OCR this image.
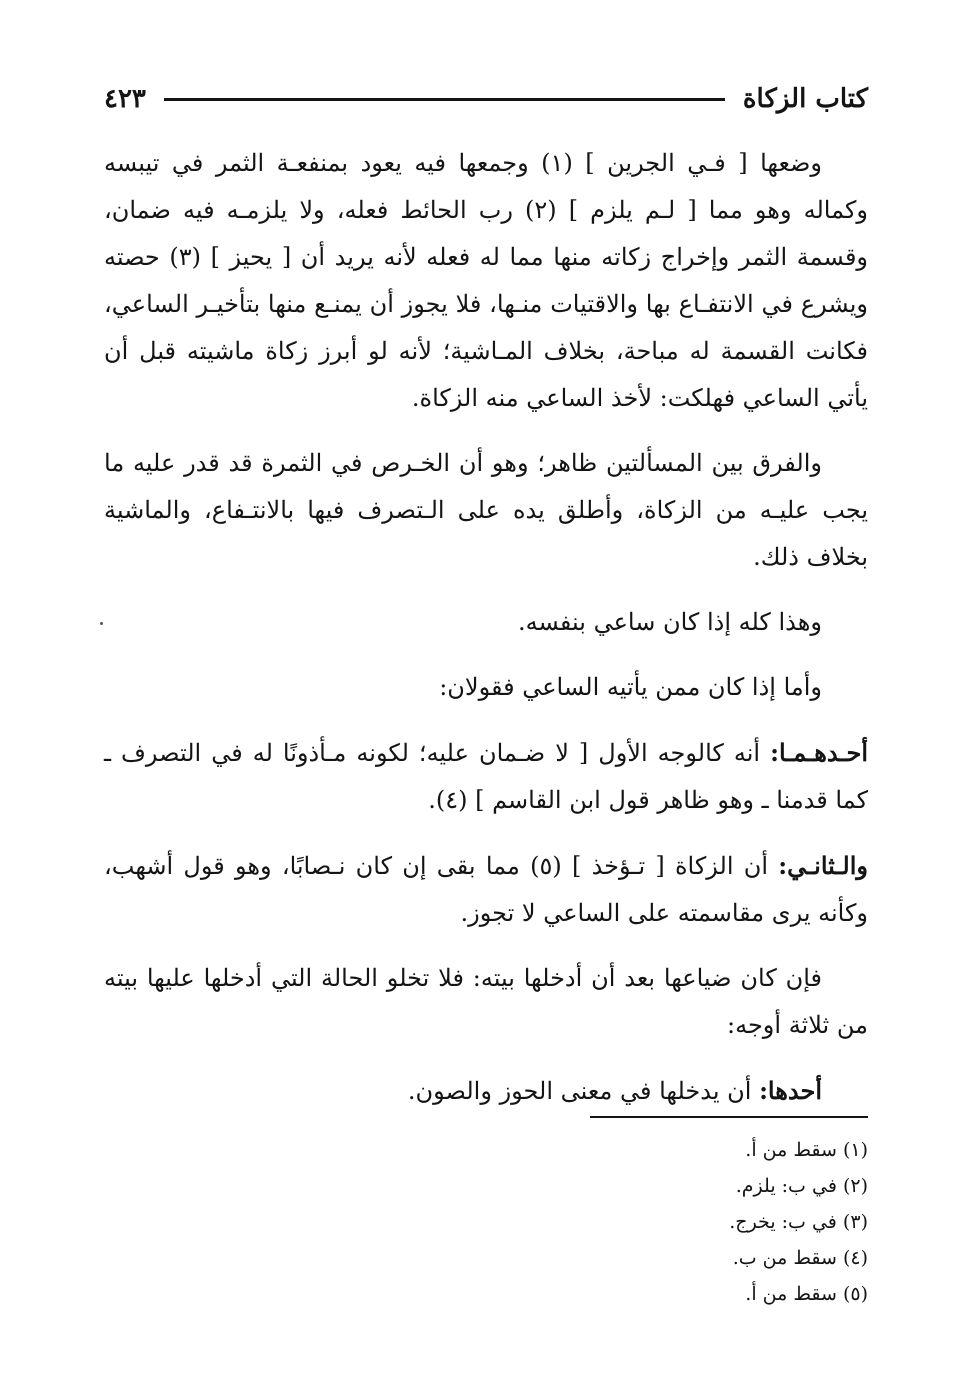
كتاب الزكاة
٤٢٣

وضعها [ فـي الجرين ] (١) وجمعها فيه يعود بمنفعـة الثمر في تيبسه وكماله وهو مما [ لـم يلزم ] (٢) رب الحائط فعله، ولا يلزمـه فيه ضمان، وقسمة الثمر وإخراج زكاته منها مما له فعله لأنه يريد أن [ يحيز ] (٣) حصته ويشرع في الانتفـاع بها والاقتيات منـها، فلا يجوز أن يمنـع منها بتأخيـر الساعي، فكانت القسمة له مباحة، بخلاف المـاشية؛ لأنه لو أبرز زكاة ماشيته قبل أن يأتي الساعي فهلكت: لأخذ الساعي منه الزكاة.

والفرق بين المسألتين ظاهر؛ وهو أن الخـرص في الثمرة قد قدر عليه ما يجب عليـه من الزكاة، وأطلق يده على الـتصرف فيها بالانتـفاع، والماشية بخلاف ذلك.

وهذا كله إذا كان ساعي بنفسه.

وأما إذا كان ممن يأتيه الساعي فقولان:

أحـدهـمـا: أنه كالوجه الأول [ لا ضـمان عليه؛ لكونه مـأذونًا له في التصرف ـ كما قدمنا ـ وهو ظاهر قول ابن القاسم ] (٤).

والـثانـي: أن الزكاة [ تـؤخذ ] (٥) مما بقى إن كان نـصابًا، وهو قول أشهب، وكأنه يرى مقاسمته على الساعي لا تجوز.

فإن كان ضياعها بعد أن أدخلها بيته: فلا تخلو الحالة التي أدخلها عليها بيته من ثلاثة أوجه:

أحدها: أن يدخلها في معنى الحوز والصون.

(١) سقط من أ.
(٢) في ب: يلزم.
(٣) في ب: يخرج.
(٤) سقط من ب.
(٥) سقط من أ.
